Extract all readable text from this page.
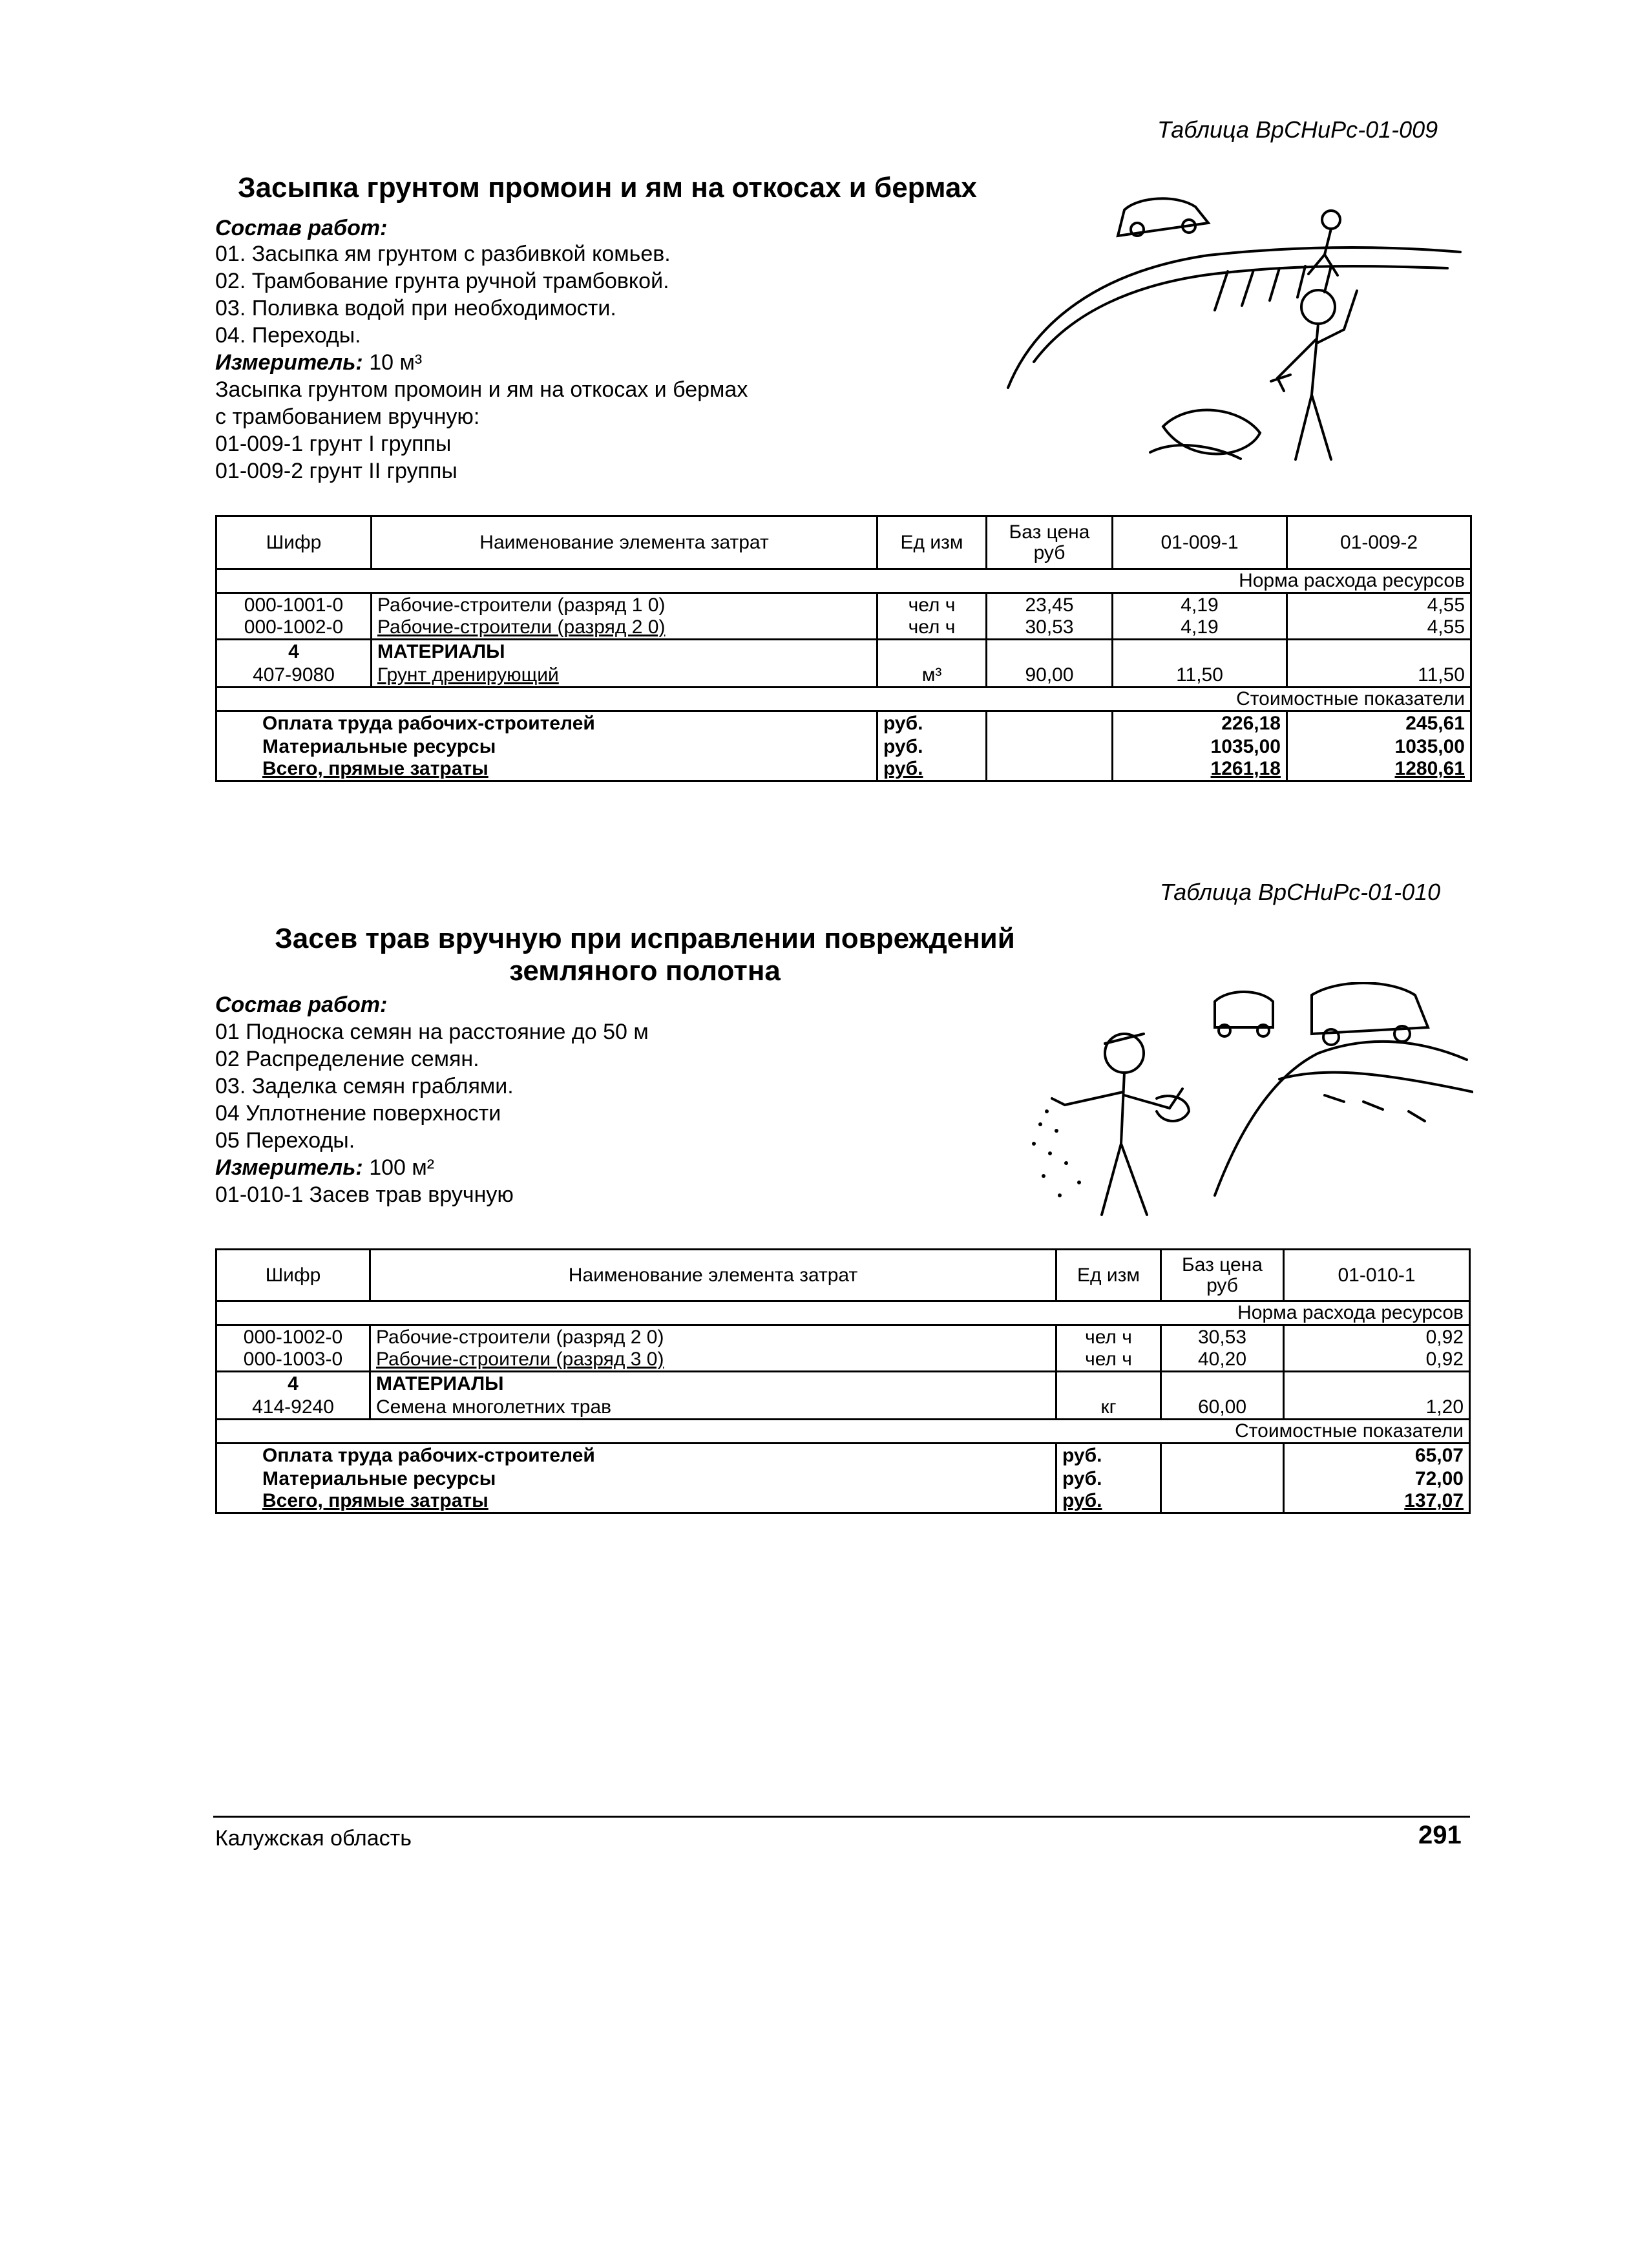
Таблица ВрСНиРс-01-009
Засыпка грунтом промоин и ям на откосах и бермах
Состав работ:
01. Засыпка ям грунтом с разбивкой комьев.
02. Трамбование грунта ручной трамбовкой.
03. Поливка водой при необходимости.
04. Переходы.
Измеритель: 10 м³
Засыпка грунтом промоин и ям на откосах и бермах
с трамбованием вручную:
01-009-1 грунт I группы
01-009-2 грунт II группы
Шифр	Наименование элемента затрат	Ед изм	Баз цена руб	01-009-1	01-009-2
Норма расхода ресурсов					
000-1001-0	Рабочие-строители (разряд 1 0)	чел ч	23,45	4,19	4,55
000-1002-0	Рабочие-строители (разряд 2 0)	чел ч	30,53	4,19	4,55
4	МАТЕРИАЛЫ				
407-9080	Грунт дренирующий	м³	90,00	11,50	11,50
Стоимостные показатели					
Оплата труда рабочих-строителей		руб.		226,18	245,61
Материальные ресурсы		руб.		1035,00	1035,00
Всего, прямые затраты		руб.		1261,18	1280,61
Таблица ВрСНиРс-01-010
Засев трав вручную при исправлении повреждений
земляного полотна
Состав работ:
01 Подноска семян на расстояние до 50 м
02 Распределение семян.
03. Заделка семян граблями.
04 Уплотнение поверхности
05 Переходы.
Измеритель: 100 м²
01-010-1 Засев трав вручную
Шифр	Наименование элемента затрат	Ед изм	Баз цена руб	01-010-1
Норма расхода ресурсов				
000-1002-0	Рабочие-строители (разряд 2 0)	чел ч	30,53	0,92
000-1003-0	Рабочие-строители (разряд 3 0)	чел ч	40,20	0,92
4	МАТЕРИАЛЫ			
414-9240	Семена многолетних трав	кг	60,00	1,20
Стоимостные показатели				
Оплата труда рабочих-строителей		руб.		65,07
Материальные ресурсы		руб.		72,00
Всего, прямые затраты		руб.		137,07
Калужская область	291
